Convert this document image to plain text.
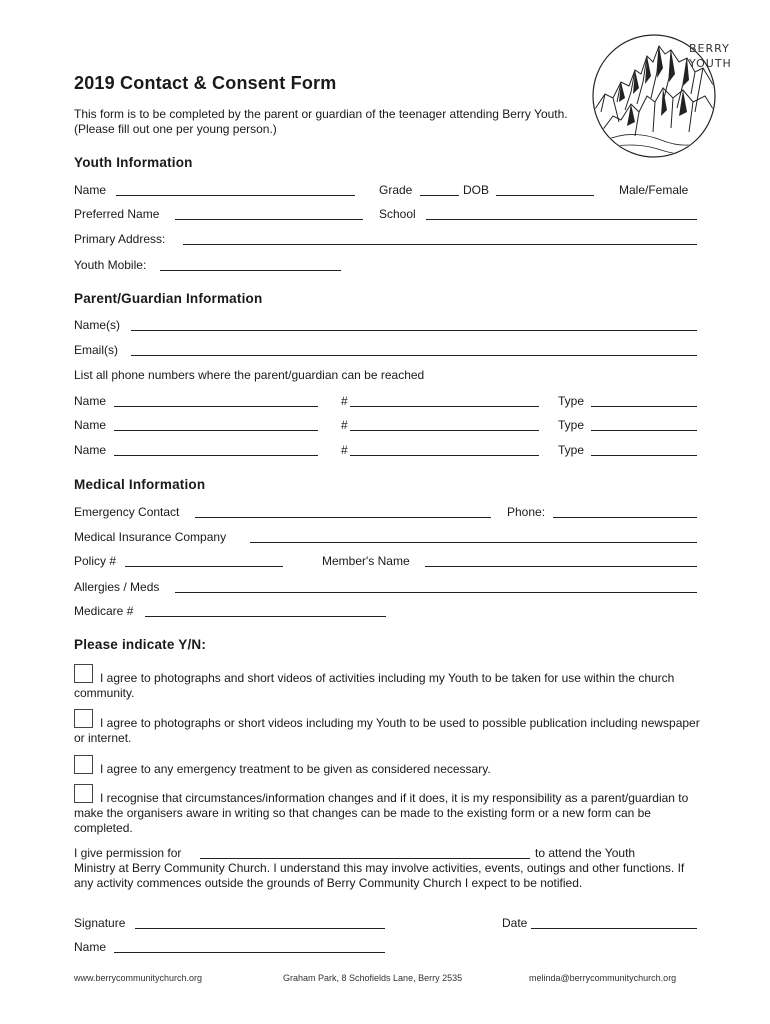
BERRY
YOUTH
2019 Contact & Consent Form
This form is to be completed by the parent or guardian of the teenager attending Berry Youth. (Please fill out one per young person.)
Youth Information
Name	Grade	DOB	Male/Female
Preferred Name	School
Primary Address:
Youth Mobile:
Parent/Guardian Information
Name(s)
Email(s)
List all phone numbers where the parent/guardian can be reached
Name	#	Type
Name	#	Type
Name	#	Type
Medical Information
Emergency Contact	Phone:
Medical Insurance Company
Policy #	Member's Name
Allergies / Meds
Medicare #
Please indicate Y/N:
I agree to photographs and short videos of activities including my Youth to be taken for use within the church community.
I agree to photographs or short videos including my Youth to be used to possible publication including newspaper or internet.
I agree to any emergency treatment to be given as considered necessary.
I recognise that circumstances/information changes and if it does, it is my responsibility as a parent/guardian to make the organisers aware in writing so that changes can be made to the existing form or a new form can be completed.
I give permission for	to attend the Youth
Ministry at Berry Community Church. I understand this may involve activities, events, outings and other functions. If any activity commences outside the grounds of Berry Community Church I expect to be notified.
Signature	Date
Name
www.berrycommunitychurch.org	Graham Park, 8 Schofields Lane, Berry 2535	melinda@berrycommunitychurch.org
